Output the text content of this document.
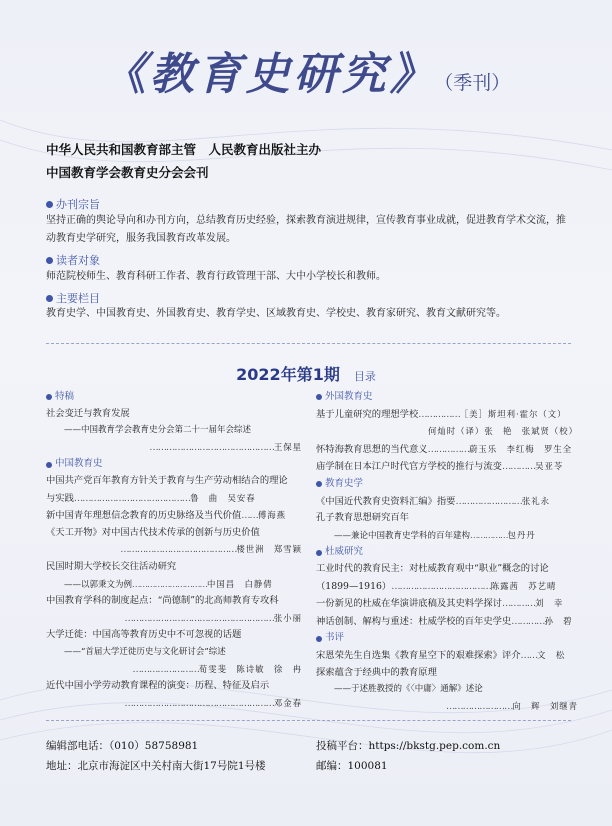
《教育史研究》 （季刊）
中华人民共和国教育部主管　人民教育出版社主办
中国教育学会教育史分会会刊
办刊宗旨
坚持正确的舆论导向和办刊方向，总结教育历史经验，探索教育演进规律，宣传教育事业成就，促进教育学术交流，推
动教育史学研究，服务我国教育改革发展。
读者对象
师范院校师生、教育科研工作者、教育行政管理干部、大中小学校长和教师。
主要栏目
教育史学、中国教育史、外国教育史、教育学史、区域教育史、学校史、教育家研究、教育文献研究等。
2022年第1期 目录
特稿
社会变迁与教育发展
——中国教育学会教育史分会第二十一届年会综述
………………………………………王保星
中国教育史
中国共产党百年教育方针关于教育与生产劳动相结合的理论
与实践……………………………………鲁　曲　吴安春
新中国青年理想信念教育的历史脉络及当代价值……傅海燕
《天工开物》对中国古代技术传承的创新与历史价值
……………………………………楼世洲　郑雪颖
民国时期大学校长交往活动研究
——以郭秉文为例…………………………中国昌　白静倩
中国教育学科的制度起点：“尚德制”的北高师教育专攻科
………………………………………………张小丽
大学迁徙：中国高等教育历史中不可忽视的话题
——“首届大学迁徙历史与文化研讨会”综述
……………………荀雯斐　陈诗敏　徐　冉
近代中国小学劳动教育课程的演变：历程、特征及启示
………………………………………………邓金春
外国教育史
基于儿童研究的理想学校……………［美］斯坦利·霍尔（文）
何灿时（译）张　艳　张斌贤（校）
怀特海教育思想的当代意义……………蔚玉乐　李红梅　罗生全
庙学制在日本江户时代官方学校的推行与流变…………吴亚苓
教育史学
《中国近代教育史资料汇编》指要……………………张礼永
孔子教育思想研究百年
——兼论中国教育史学科的百年建构……………包丹丹
杜威研究
工业时代的教育民主：对杜威教育观中“职业”概念的讨论
（1899—1916）………………………………陈露茜　苏艺晴
一份新见的杜威在华演讲底稿及其史料学探讨…………刘　幸
神话创制、解构与重述：杜威学校的百年史学史…………孙　碧
书评
宋恩荣先生自选集《教育星空下的艰难探索》评介……文　松
探索蕴含于经典中的教育原理
——于述胜教授的《〈中庸〉通解》述论
……………………向　辉　刘继青
编辑部电话：（010）58758981
地址：北京市海淀区中关村南大街17号院1号楼
投稿平台：https://bkstg.pep.com.cn
邮编：100081
